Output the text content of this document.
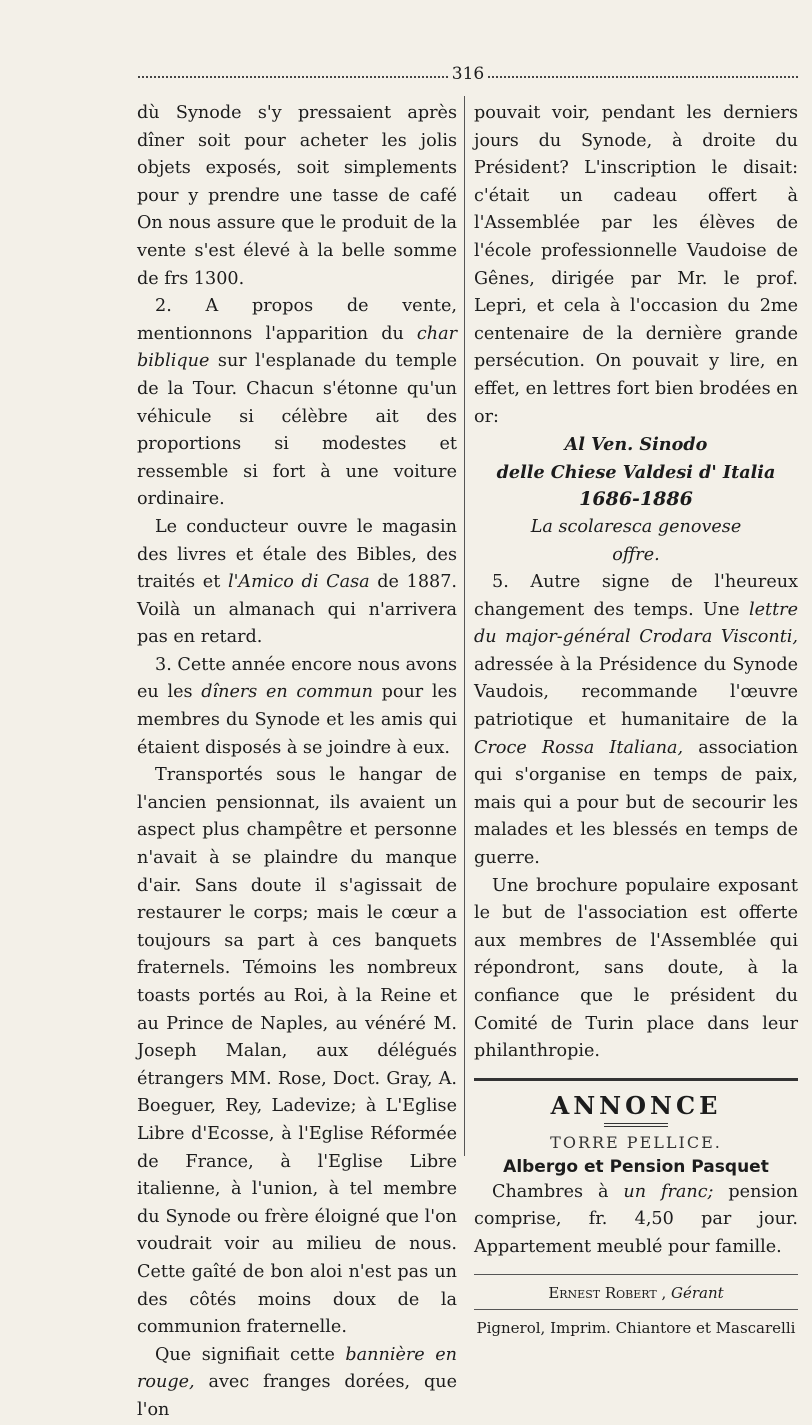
316

dù Synode s'y pressaient après dîner soit pour acheter les jolis objets exposés, soit simplements pour y prendre une tasse de café On nous assure que le produit de la vente s'est élevé à la belle somme de frs 1300.

2. A propos de vente, mentionnons l'apparition du char biblique sur l'esplanade du temple de la Tour. Chacun s'étonne qu'un véhicule si célèbre ait des proportions si modestes et ressemble si fort à une voiture ordinaire.

Le conducteur ouvre le magasin des livres et étale des Bibles, des traités et l'Amico di Casa de 1887. Voilà un almanach qui n'arrivera pas en retard.

3. Cette année encore nous avons eu les dîners en commun pour les membres du Synode et les amis qui étaient disposés à se joindre à eux.

Transportés sous le hangar de l'ancien pensionnat, ils avaient un aspect plus champêtre et personne n'avait à se plaindre du manque d'air. Sans doute il s'agissait de restaurer le corps; mais le cœur a toujours sa part à ces banquets fraternels. Témoins les nombreux toasts portés au Roi, à la Reine et au Prince de Naples, au vénéré M. Joseph Malan, aux délégués étrangers MM. Rose, Doct. Gray, A. Boeguer, Rey, Ladevize; à L'Eglise Libre d'Ecosse, à l'Eglise Réformée de France, à l'Eglise Libre italienne, à l'union, à tel membre du Synode ou frère éloigné que l'on voudrait voir au milieu de nous. Cette gaîté de bon aloi n'est pas un des côtés moins doux de la communion fraternelle.

Que signifiait cette bannière en rouge, avec franges dorées, que l'on

pouvait voir, pendant les derniers jours du Synode, à droite du Président? L'inscription le disait: c'était un cadeau offert à l'Assemblée par les élèves de l'école professionnelle Vaudoise de Gênes, dirigée par Mr. le prof. Lepri, et cela à l'occasion du 2me centenaire de la dernière grande persécution. On pouvait y lire, en effet, en lettres fort bien brodées en or:

Al Ven. Sinodo

delle Chiese Valdesi d' Italia

1686-1886

La scolaresca genovese

offre.

5. Autre signe de l'heureux changement des temps. Une lettre du major-général Crodara Visconti, adressée à la Présidence du Synode Vaudois, recommande l'œuvre patriotique et humanitaire de la Croce Rossa Italiana, association qui s'organise en temps de paix, mais qui a pour but de secourir les malades et les blessés en temps de guerre.

Une brochure populaire exposant le but de l'association est offerte aux membres de l'Assemblée qui répondront, sans doute, à la confiance que le président du Comité de Turin place dans leur philanthropie.

ANNONCE
TORRE PELLICE.
Albergo et Pension Pasquet

Chambres à un franc; pension comprise, fr. 4,50 par jour. Appartement meublé pour famille.

Ernest Robert , Gérant
Pignerol, Imprim. Chiantore et Mascarelli
